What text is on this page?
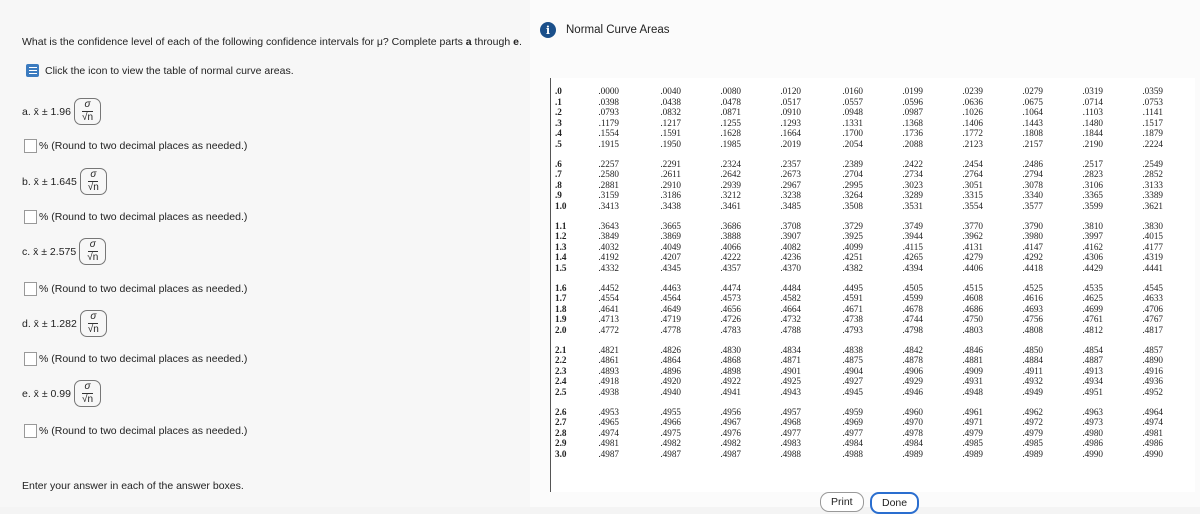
What is the confidence level of each of the following confidence intervals for μ? Complete parts a through e.
Click the icon to view the table of normal curve areas.
a. x̄ ± $1.96 \frac{\sigma}{√n}$
% (Round to two decimal places as needed.)
b. x̄ ± $1.645 \frac{\sigma}{√n}$
% (Round to two decimal places as needed.)
c. x̄ ± $2.575 \frac{\sigma}{√n}$
% (Round to two decimal places as needed.)
d. x̄ ± $1.282 \frac{\sigma}{√n}$
% (Round to two decimal places as needed.)
e. x̄ ± $0.99 \frac{\sigma}{√n}$
% (Round to two decimal places as needed.)
Enter your answer in each of the answer boxes.
i	Normal Curve Areas
.0	.0000	.0040	.0080	.0120	.0160	.0199	.0239	.0279	.0319	.0359
.1	.0398	.0438	.0478	.0517	.0557	.0596	.0636	.0675	.0714	.0753
.2	.0793	.0832	.0871	.0910	.0948	.0987	.1026	.1064	.1103	.1141
.3	.1179	.1217	.1255	.1293	.1331	.1368	.1406	.1443	.1480	.1517
.4	.1554	.1591	.1628	.1664	.1700	.1736	.1772	.1808	.1844	.1879
.5	.1915	.1950	.1985	.2019	.2054	.2088	.2123	.2157	.2190	.2224
.6	.2257	.2291	.2324	.2357	.2389	.2422	.2454	.2486	.2517	.2549
.7	.2580	.2611	.2642	.2673	.2704	.2734	.2764	.2794	.2823	.2852
.8	.2881	.2910	.2939	.2967	.2995	.3023	.3051	.3078	.3106	.3133
.9	.3159	.3186	.3212	.3238	.3264	.3289	.3315	.3340	.3365	.3389
1.0	.3413	.3438	.3461	.3485	.3508	.3531	.3554	.3577	.3599	.3621
1.1	.3643	.3665	.3686	.3708	.3729	.3749	.3770	.3790	.3810	.3830
1.2	.3849	.3869	.3888	.3907	.3925	.3944	.3962	.3980	.3997	.4015
1.3	.4032	.4049	.4066	.4082	.4099	.4115	.4131	.4147	.4162	.4177
1.4	.4192	.4207	.4222	.4236	.4251	.4265	.4279	.4292	.4306	.4319
1.5	.4332	.4345	.4357	.4370	.4382	.4394	.4406	.4418	.4429	.4441
1.6	.4452	.4463	.4474	.4484	.4495	.4505	.4515	.4525	.4535	.4545
1.7	.4554	.4564	.4573	.4582	.4591	.4599	.4608	.4616	.4625	.4633
1.8	.4641	.4649	.4656	.4664	.4671	.4678	.4686	.4693	.4699	.4706
1.9	.4713	.4719	.4726	.4732	.4738	.4744	.4750	.4756	.4761	.4767
2.0	.4772	.4778	.4783	.4788	.4793	.4798	.4803	.4808	.4812	.4817
2.1	.4821	.4826	.4830	.4834	.4838	.4842	.4846	.4850	.4854	.4857
2.2	.4861	.4864	.4868	.4871	.4875	.4878	.4881	.4884	.4887	.4890
2.3	.4893	.4896	.4898	.4901	.4904	.4906	.4909	.4911	.4913	.4916
2.4	.4918	.4920	.4922	.4925	.4927	.4929	.4931	.4932	.4934	.4936
2.5	.4938	.4940	.4941	.4943	.4945	.4946	.4948	.4949	.4951	.4952
2.6	.4953	.4955	.4956	.4957	.4959	.4960	.4961	.4962	.4963	.4964
2.7	.4965	.4966	.4967	.4968	.4969	.4970	.4971	.4972	.4973	.4974
2.8	.4974	.4975	.4976	.4977	.4977	.4978	.4979	.4979	.4980	.4981
2.9	.4981	.4982	.4982	.4983	.4984	.4984	.4985	.4985	.4986	.4986
3.0	.4987	.4987	.4987	.4988	.4988	.4989	.4989	.4989	.4990	.4990
Print	Done
